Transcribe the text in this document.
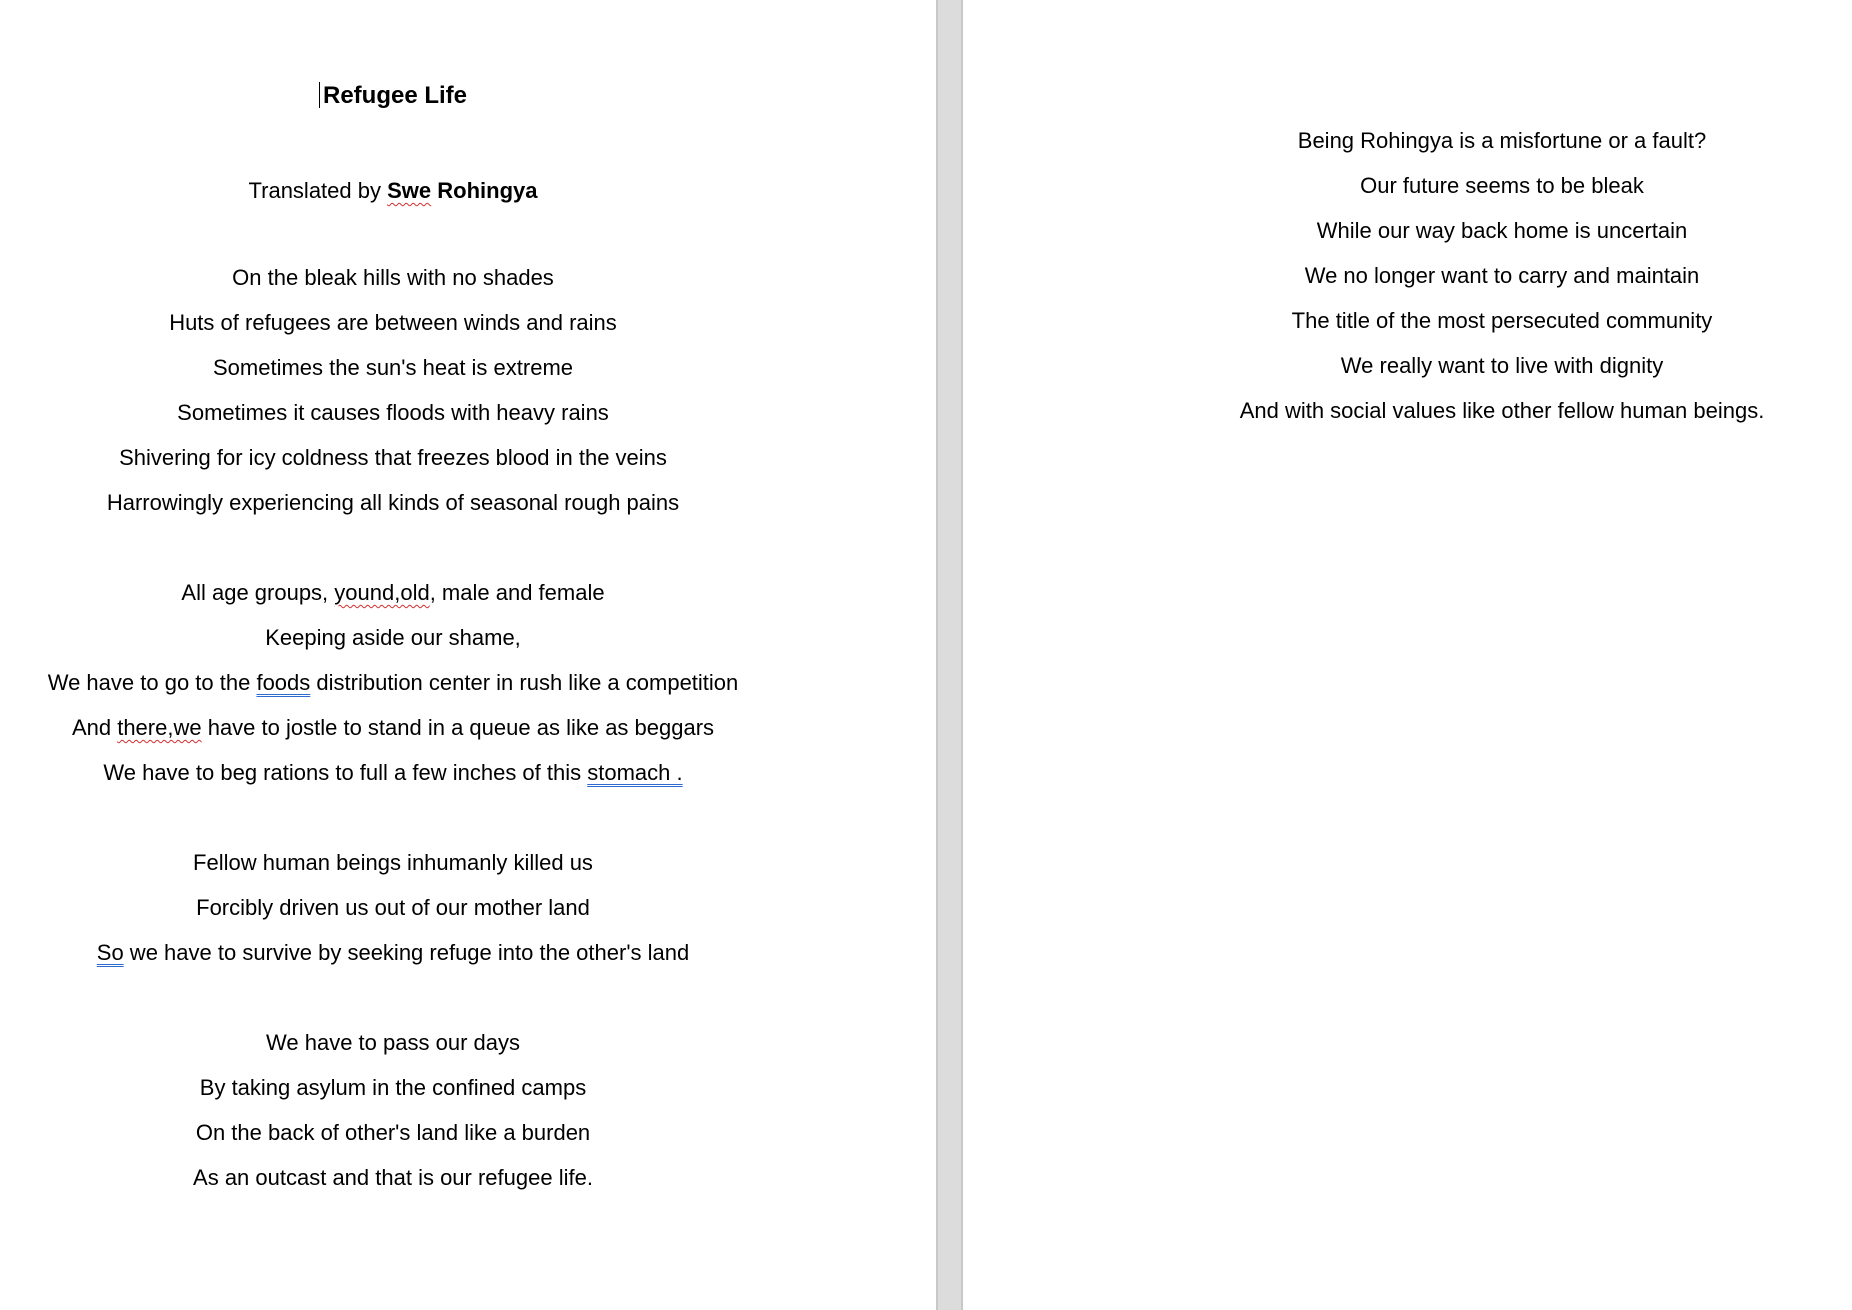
Refugee Life
Translated by Swe Rohingya
On the bleak hills with no shades
Huts of refugees are between winds and rains
Sometimes the sun's heat is extreme
Sometimes it causes floods with heavy rains
Shivering for icy coldness that freezes blood in the veins
Harrowingly experiencing all kinds of seasonal rough pains
All age groups, yound,old, male and female
Keeping aside our shame,
We have to go to the foods distribution center in rush like a competition
And there,we have to jostle to stand in a queue as like as beggars
We have to beg rations to full a few inches of this stomach .
Fellow human beings inhumanly killed us
Forcibly driven us out of our mother land
So we have to survive by seeking refuge into the other's land
We have to pass our days
By taking asylum in the confined camps
On the back of other's land like a burden
As an outcast and that is our refugee life.
Being Rohingya is a misfortune or a fault?
Our future seems to be bleak
While our way back home is uncertain
We no longer want to carry and maintain
The title of the most persecuted community
We really want to live with dignity
And with social values like other fellow human beings.
